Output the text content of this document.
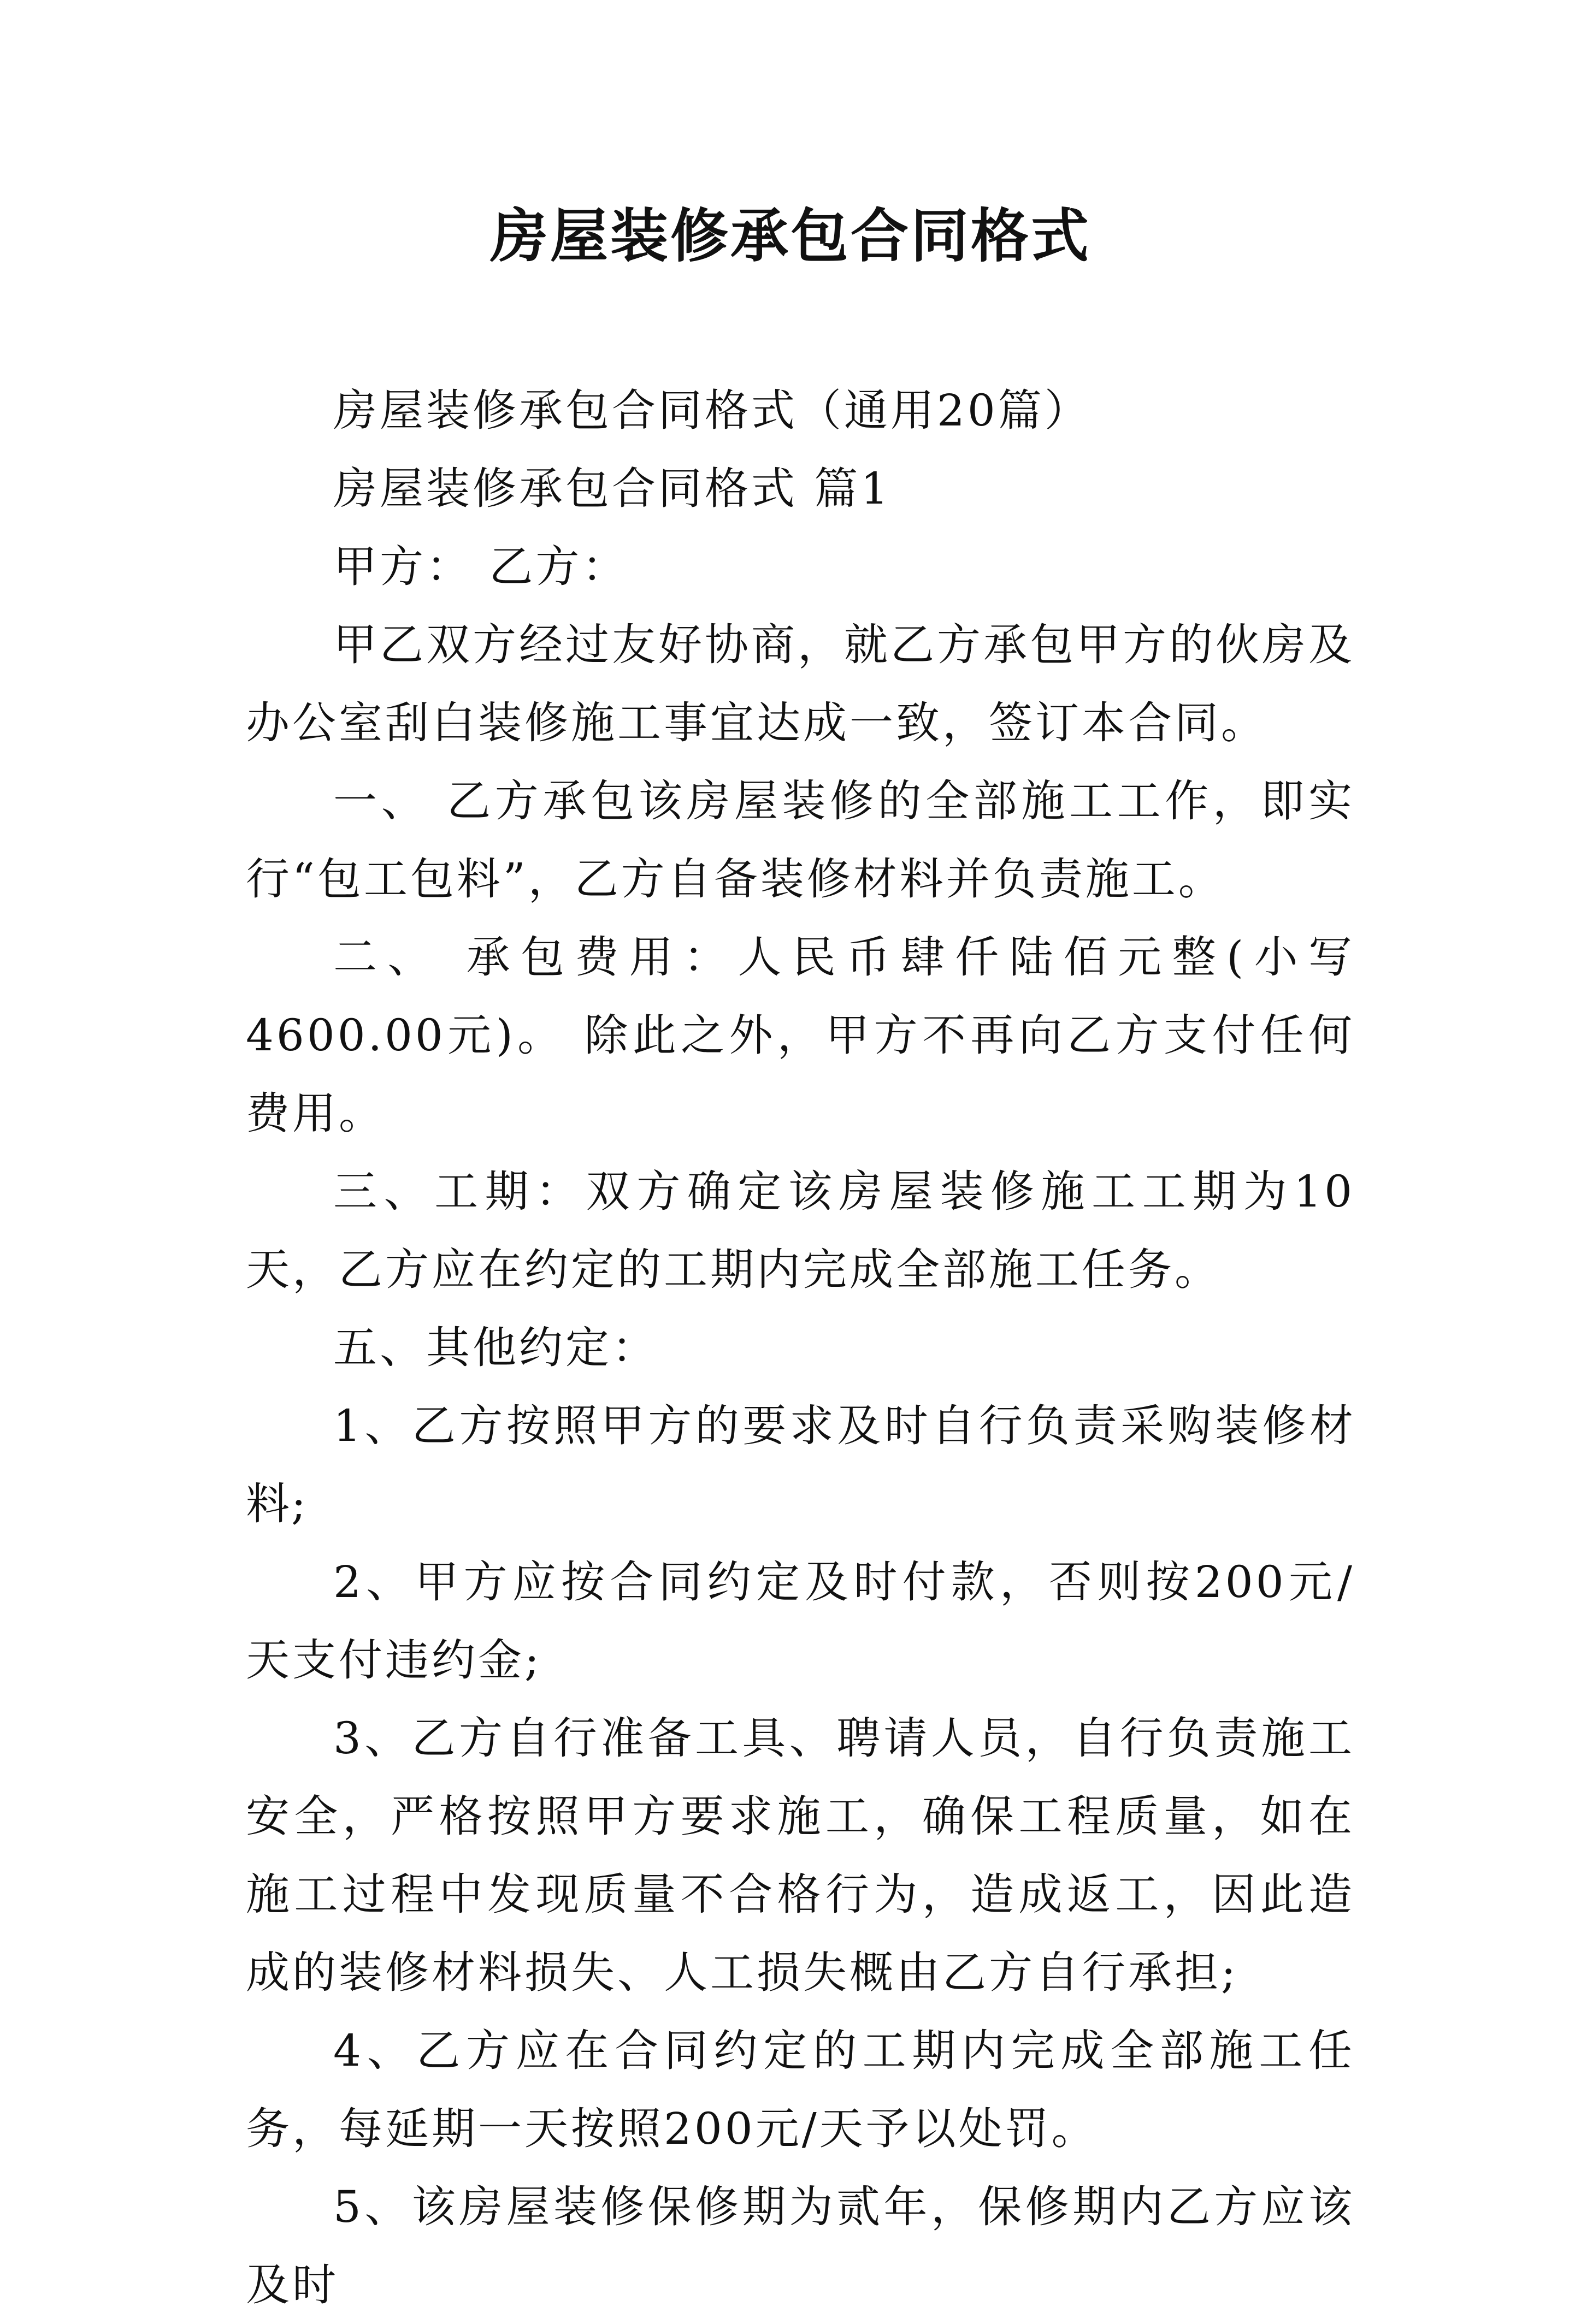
房屋装修承包合同格式

房屋装修承包合同格式（通用20篇）

房屋装修承包合同格式 篇1

甲方： 乙方：

甲乙双方经过友好协商，就乙方承包甲方的伙房及办公室刮白装修施工事宜达成一致，签订本合同。

一、 乙方承包该房屋装修的全部施工工作，即实行“包工包料”，乙方自备装修材料并负责施工。

二、 承包费用：人民币肆仟陆佰元整(小写 4600.00元)。 除此之外，甲方不再向乙方支付任何费用。

三、工期：双方确定该房屋装修施工工期为10天，乙方应在约定的工期内完成全部施工任务。

五、其他约定：

1、乙方按照甲方的要求及时自行负责采购装修材料;

2、甲方应按合同约定及时付款，否则按200元/天支付违约金;

3、乙方自行准备工具、聘请人员，自行负责施工安全，严格按照甲方要求施工，确保工程质量，如在施工过程中发现质量不合格行为，造成返工，因此造成的装修材料损失、人工损失概由乙方自行承担;

4、乙方应在合同约定的工期内完成全部施工任务，每延期一天按照200元/天予以处罚。

5、该房屋装修保修期为贰年，保修期内乙方应该及时
